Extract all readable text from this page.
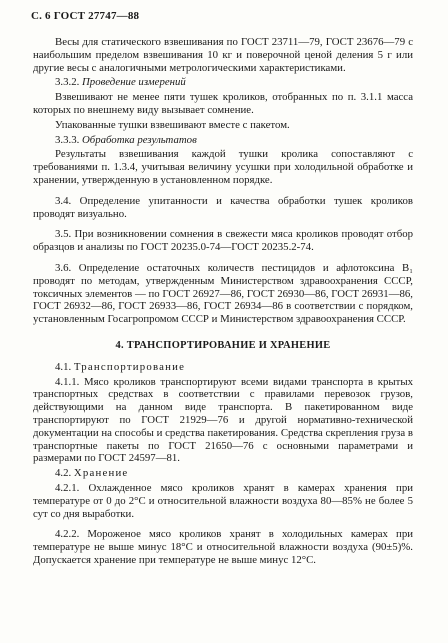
С. 6 ГОСТ 27747—88

Весы для статического взвешивания по ГОСТ 23711—79, ГОСТ 23676—79 с наибольшим пределом взвешивания 10 кг и поверочной ценой деления 5 г или другие весы с аналогичными метрологическими характеристиками.

3.3.2. Проведение измерений

Взвешивают не менее пяти тушек кроликов, отобранных по п. 3.1.1 масса которых по внешнему виду вызывает сомнение.

Упакованные тушки взвешивают вместе с пакетом.

3.3.3. Обработка результатов

Результаты взвешивания каждой тушки кролика сопоставляют с требованиями п. 1.3.4, учитывая величину усушки при холодильной обработке и хранении, утвержденную в установленном порядке.

3.4. Определение упитанности и качества обработки тушек кроликов проводят визуально.

3.5. При возникновении сомнения в свежести мяса кроликов проводят отбор образцов и анализы по ГОСТ 20235.0-74—ГОСТ 20235.2-74.

3.6. Определение остаточных количеств пестицидов и афлотоксина B₁ проводят по методам, утвержденным Министерством здравоохранения СССР, токсичных элементов — по ГОСТ 26927—86, ГОСТ 26930—86, ГОСТ 26931—86, ГОСТ 26932—86, ГОСТ 26933—86, ГОСТ 26934—86 в соответствии с порядком, установленным Госагропромом СССР и Министерством здравоохранения СССР.

4. ТРАНСПОРТИРОВАНИЕ И ХРАНЕНИЕ

4.1. Транспортирование

4.1.1. Мясо кроликов транспортируют всеми видами транспорта в крытых транспортных средствах в соответствии с правилами перевозок грузов, действующими на данном виде транспорта. В пакетированном виде транспортируют по ГОСТ 21929—76 и другой нормативно-технической документации на способы и средства пакетирования. Средства скрепления груза в транспортные пакеты по ГОСТ 21650—76 с основными параметрами и размерами по ГОСТ 24597—81.

4.2. Хранение

4.2.1. Охлажденное мясо кроликов хранят в камерах хранения при температуре от 0 до 2°C и относительной влажности воздуха 80—85% не более 5 сут со дня выработки.

4.2.2. Мороженое мясо кроликов хранят в холодильных камерах при температуре не выше минус 18°C и относительной влажности воздуха (90±5)%. Допускается хранение при температуре не выше минус 12°C.
